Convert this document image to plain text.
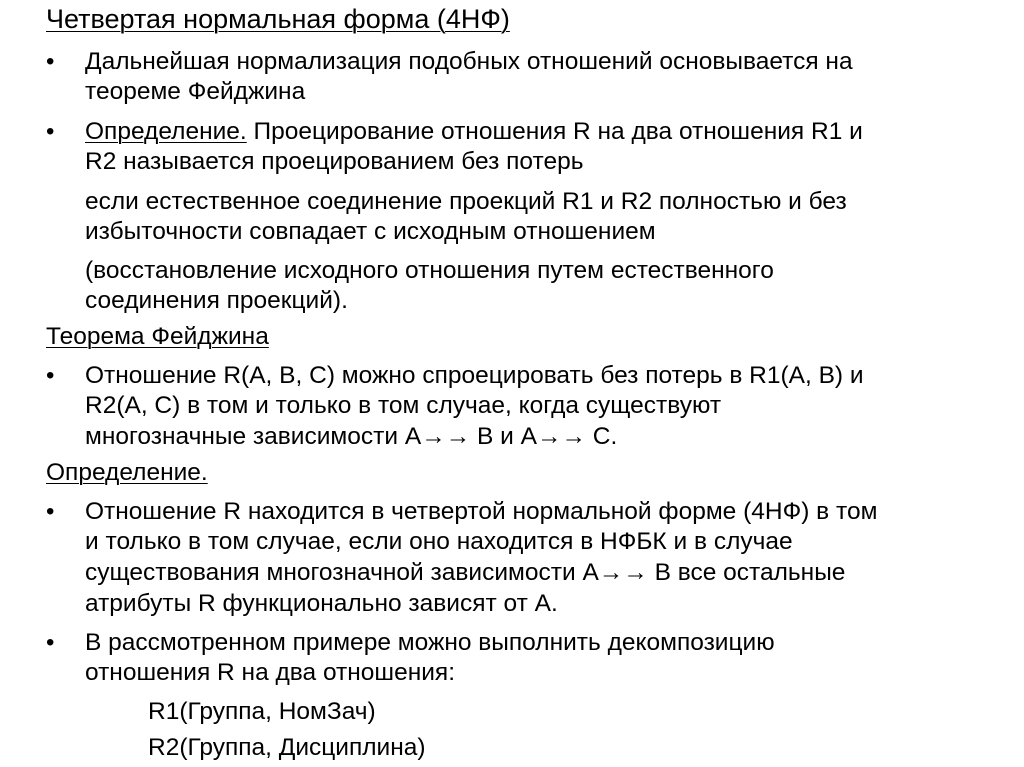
Четвертая нормальная форма (4НФ)
• Дальнейшая нормализация подобных отношений основывается на
теореме Фейджина
• Определение. Проецирование отношения R на два отношения R1 и
R2 называется проецированием без потерь
если естественное соединение проекций R1 и R2 полностью и без
избыточности совпадает с исходным отношением
(восстановление исходного отношения путем естественного
соединения проекций).
Теорема Фейджина
• Отношение R(A, B, C) можно спроецировать без потерь в R1(A, B) и
R2(A, C) в том и только в том случае, когда существуют
многозначные зависимости A→→ B и A→→ C.
Определение.
• Отношение R находится в четвертой нормальной форме (4НФ) в том
и только в том случае, если оно находится в НФБК и в случае
существования многозначной зависимости A→→ B все остальные
атрибуты R функционально зависят от A.
• В рассмотренном примере можно выполнить декомпозицию
отношения R на два отношения:
R1(Группа, НомЗач)
R2(Группа, Дисциплина)
